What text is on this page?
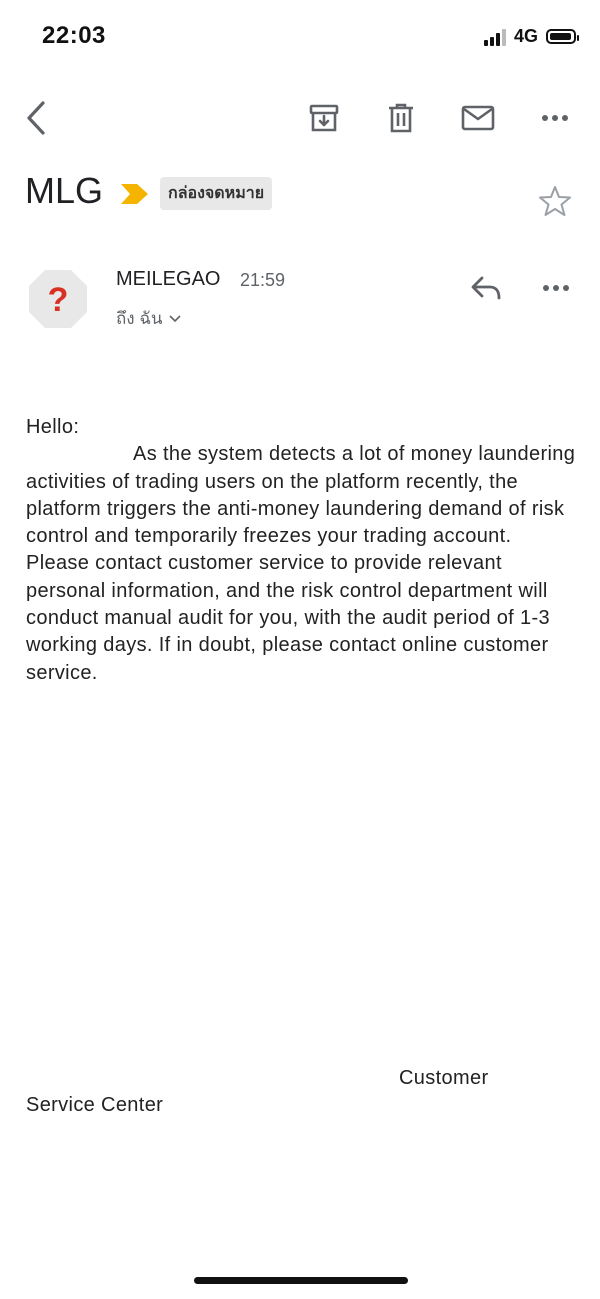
22:03	4G
MLG	กล่องจดหมาย
?
MEILEGAO 21:59
ถึง ฉัน

Hello:

As the system detects a lot of money laundering activities of trading users on the platform recently, the platform triggers the anti-money laundering demand of risk control and temporarily freezes your trading account. Please contact customer service to provide relevant personal information, and the risk control department will conduct manual audit for you, with the audit period of 1-3 working days. If in doubt, please contact online customer service.

Customer
Service Center
